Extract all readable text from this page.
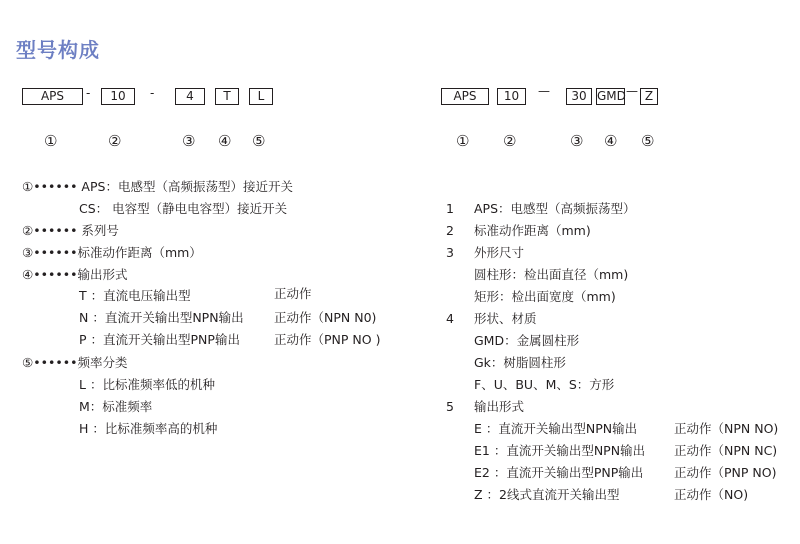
型号构成
APS	-	10	-	4	T	L
①	②	③ ④ ⑤
APS	10	—	30 GMD — Z
① ②	③ ④ ⑤
①•••••• APS：电感型（高频振荡型）接近开关
CS： 电容型（静电电容型）接近开关
②•••••• 系列号
③••••••标准动作距离（mm）
④••••••输出形式
T ：直流电压输出型	正动作
N ：直流开关输出型NPN输出 正动作（NPN N0)
P ：直流开关输出型PNP输出	正动作（PNP NO )
⑤••••••频率分类
L ：比标准频率低的机种
M：标准频率
H ：比标准频率高的机种
1 APS：电感型（高频振荡型）
2 标准动作距离（mm)
3 外形尺寸
圆柱形：检出面直径（mm)
矩形：检出面宽度（mm)
4 形状、材质
GMD：金属圆柱形
Gk：树脂圆柱形
F、U、BU、M、S：方形
5 输出形式
E ：直流开关输出型NPN输出	正动作（NPN NO)
E1 ：直流开关输出型NPN输出 正动作（NPN NC)
E2 ：直流开关输出型PNP输出 正动作（PNP NO)
Z ：2线式直流开关输出型	正动作（NO)
